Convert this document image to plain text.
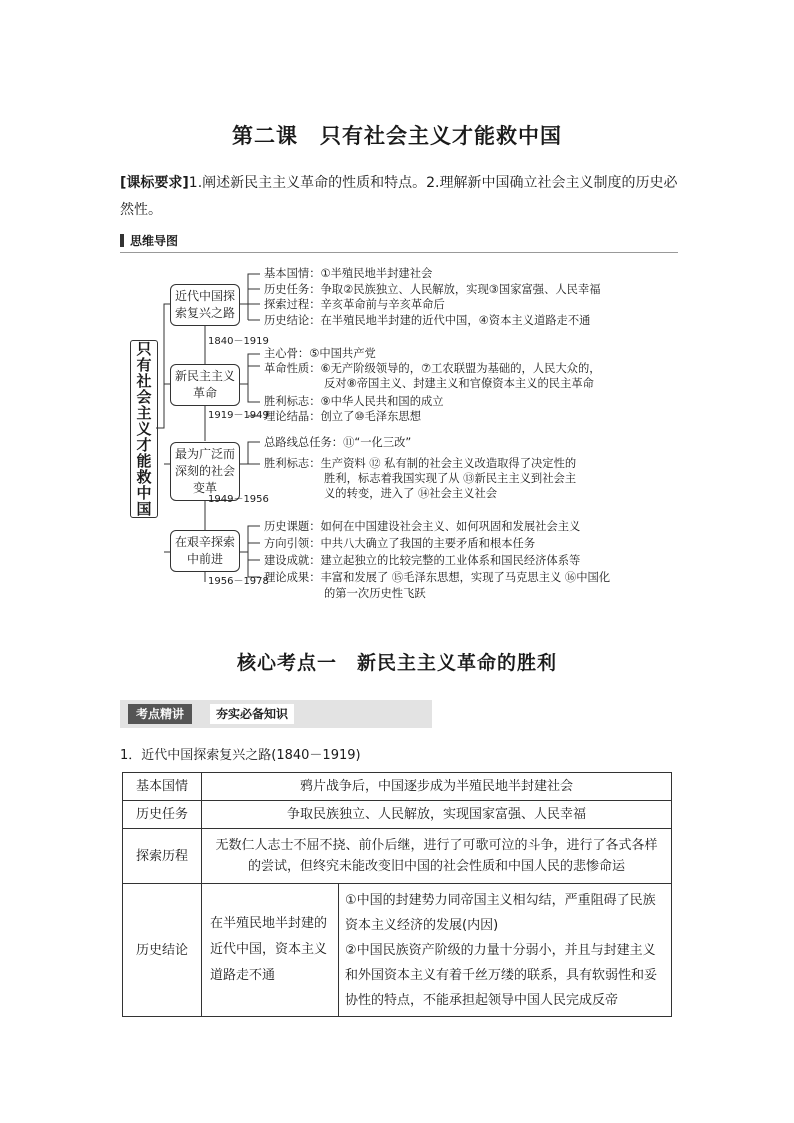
第二课　只有社会主义才能救中国
[课标要求]1.阐述新民主主义革命的性质和特点。2.理解新中国确立社会主义制度的历史必然性。
思维导图
只有社会主义才能救中国
近代中国探索复兴之路
新民主主义革命
最为广泛而深刻的社会变革
在艰辛探索中前进
1840－1919
1919－1949
1949－1956
1956－1978
基本国情：①半殖民地半封建社会
历史任务：争取②民族独立、人民解放，实现③国家富强、人民幸福
探索过程：辛亥革命前与辛亥革命后
历史结论：在半殖民地半封建的近代中国，④资本主义道路走不通
主心骨：⑤中国共产党
革命性质：⑥无产阶级领导的，⑦工农联盟为基础的，人民大众的，
反对⑧帝国主义、封建主义和官僚资本主义的民主革命
胜利标志：⑨中华人民共和国的成立
理论结晶：创立了⑩毛泽东思想
总路线总任务：⑪“一化三改”
胜利标志：生产资料 ⑫ 私有制的社会主义改造取得了决定性的
胜利，标志着我国实现了从 ⑬新民主主义到社会主
义的转变，进入了 ⑭社会主义社会
历史课题：如何在中国建设社会主义、如何巩固和发展社会主义
方向引领：中共八大确立了我国的主要矛盾和根本任务
建设成就：建立起独立的比较完整的工业体系和国民经济体系等
理论成果：丰富和发展了 ⑮毛泽东思想，实现了马克思主义 ⑯中国化
的第一次历史性飞跃
核心考点一　新民主主义革命的胜利
考点精讲	夯实必备知识
1．近代中国探索复兴之路(1840－1919)
基本国情	鸦片战争后，中国逐步成为半殖民地半封建社会	
历史任务	争取民族独立、人民解放，实现国家富强、人民幸福	
探索历程	无数仁人志士不屈不挠、前仆后继，进行了可歌可泣的斗争，进行了各式各样的尝试，但终究未能改变旧中国的社会性质和中国人民的悲惨命运	
历史结论	在半殖民地半封建的近代中国，资本主义道路走不通	①中国的封建势力同帝国主义相勾结，严重阻碍了民族资本主义经济的发展(内因)
②中国民族资产阶级的力量十分弱小，并且与封建主义和外国资本主义有着千丝万缕的联系，具有软弱性和妥协性的特点，不能承担起领导中国人民完成反帝
